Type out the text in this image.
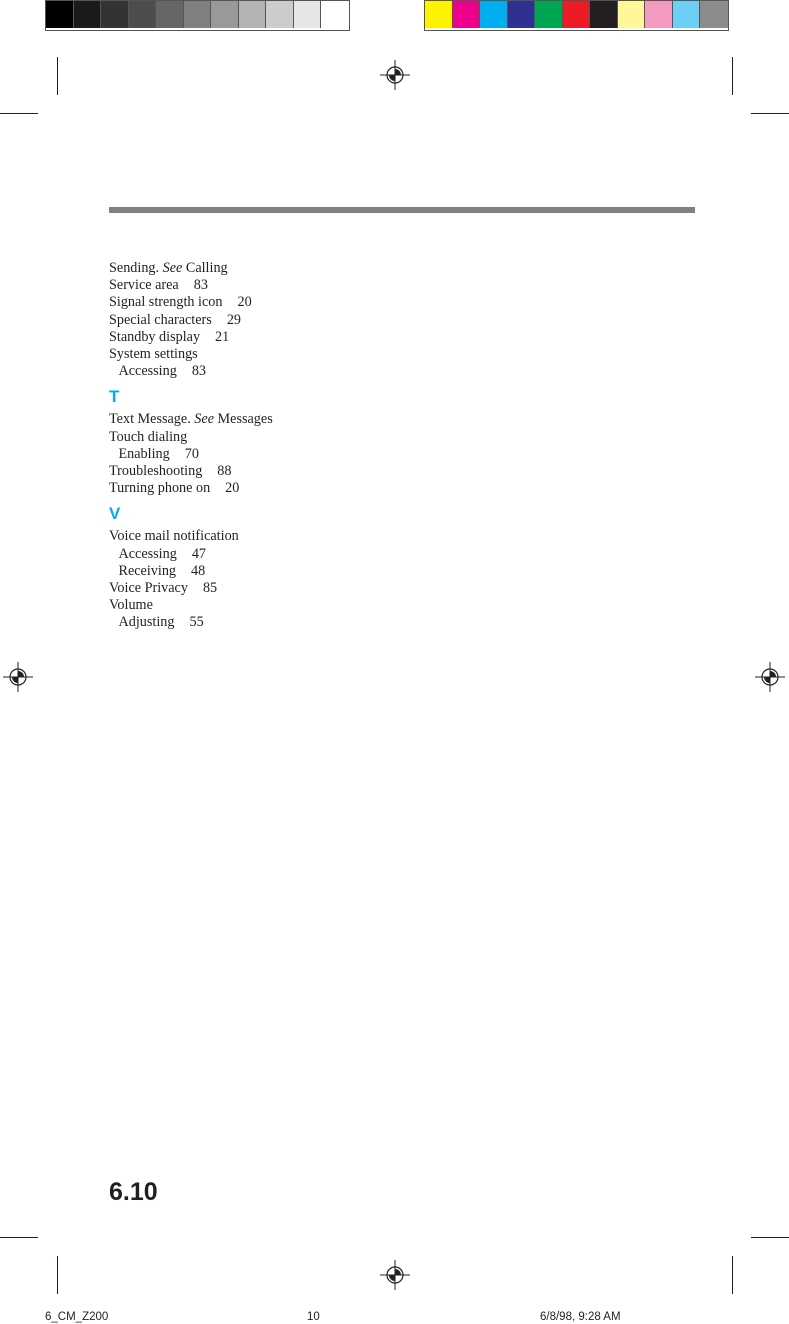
Sending. See Calling
Service area 83
Signal strength icon 20
Special characters 29
Standby display 21
System settings
Accessing 83
T
Text Message. See Messages
Touch dialing
Enabling 70
Troubleshooting 88
Turning phone on 20
V
Voice mail notification
Accessing 47
Receiving 48
Voice Privacy 85
Volume
Adjusting 55
6.10
6_CM_Z200	10	6/8/98, 9:28 AM
